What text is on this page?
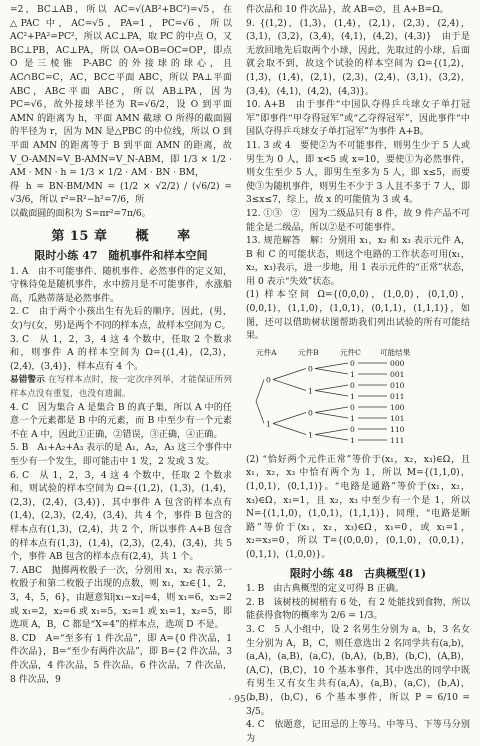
=2，BC⊥AB，所以 AC=√(AB²+BC²)=√5，在△PAC 中，AC=√5，PA=1，PC=√6，所以 AC²+PA²=PC²，所以 AC⊥PA，取 PC 的中点 O，又 BC⊥PB，AC⊥PA，所以 OA=OB=OC=OP，即点 O 是三棱锥 P-ABC 的外接球的球心，且 AC∩BC=C，AC，BC⊂平面 ABC，所以 PA⊥平面 ABC，AB⊂平面 ABC，所以 AB⊥PA，因为 PC=√6，故外接球半径为 R=√6/2，设 O 到平面 AMN 的距离为 h，平面 AMN 截球 O 所得的截面圆的半径为 r，因为 MN 是△PBC 的中位线，所以 O 到平面 AMN 的距离等于 B 到平面 AMN 的距离，故 V_O-AMN=V_B-AMN=V_N-ABM，即 1/3 × 1/2 · AM · MN · h = 1/3 × 1/2 · AM · BN · BM，

得 h = BN·BM/MN = (1/2 × √2/2) / (√6/2) = √3/6，所以 r²=R²−h²=7/6，所

以截面圆的面积为 S=πr²=7π/6。

第 15 章 概 率
限时小练 47　随机事件和样本空间

1. A　由不可能事件、随机事件、必然事件的定义知，守株待兔是随机事件，水中捞月是不可能事件，水涨船高，瓜熟蒂落是必然事件。

2. C　由于两个小孩出生有先后的顺序，因此，(男，女)与(女，男)是两个不同的样本点，故样本空间为 C。

3. C　从 1，2，3，4 这 4 个数中，任取 2 个数求和，则事件 A 的样本空间为 Ω={(1,4)，(2,3)，(2,4)，(3,4)}，样本点有 4 个。

易错警示 在写样本点时，按一定次序列举，才能保证所列样本点没有重复，也没有遗漏。

4. C　因为集合 A 是集合 B 的真子集，所以 A 中的任意一个元素都是 B 中的元素，而 B 中至少有一个元素不在 A 中，因此①正确，②错误，③正确，④正确。

5. B　A₁+A₂+A₃ 表示的是 A₁，A₂，A₃ 这三个事件中至少有一个发生，即可能击中 1 发，2 发或 3 发。

6. C　从 1，2，3，4 这 4 个数中，任取 2 个数求和，则试验的样本空间为 Ω={(1,2)，(1,3)，(1,4)，(2,3)，(2,4)，(3,4)}，其中事件 A 包含的样本点有(1,4)，(2,3)，(2,4)，(3,4)，共 4 个，事件 B 包含的样本点有(1,3)，(2,4)，共 2 个，所以事件 A+B 包含的样本点有(1,3)，(1,4)，(2,3)，(2,4)，(3,4)，共 5 个，事件 AB 包含的样本点有(2,4)，共 1 个。

7. ABC　抛掷两枚骰子一次，分别用 x₁，x₂ 表示第一枚骰子和第二枚骰子出现的点数，则 x₁，x₂∈{1，2，3，4，5，6}，由题意知|x₁−x₂|=4，则 x₁=6，x₂=2 或 x₁=2，x₂=6 或 x₁=5，x₂=1 或 x₁=1，x₂=5，即选项 A，B，C 都是“X=4”的样本点，选项 D 不是。

8. CD　A=“至多有 1 件次品”，即 A={0 件次品，1 件次品}，B=“至少有两件次品”，即 B={2 件次品，3 件次品，4 件次品，5 件次品，6 件次品，7 件次品，8 件次品，9

件次品和 10 件次品}，故 AB=∅，且 A+B=Ω。

9. {(1,2)，(1,3)，(1,4)，(2,1)，(2,3)，(2,4)，(3,1)，(3,2)，(3,4)，(4,1)，(4,2)，(4,3)}　由于是无放回地先后取两个小球，因此，先取过的小球，后面就会取不到，故这个试验的样本空间为 Ω={(1,2)，(1,3)，(1,4)，(2,1)，(2,3)，(2,4)，(3,1)，(3,2)，(3,4)，(4,1)，(4,2)，(4,3)}。

10. A+B　由于事件“中国队夺得乒乓球女子单打冠军”即事件“甲夺得冠军”或“乙夺得冠军”，因此事件“中国队夺得乒乓球女子单打冠军”为事件 A+B。

11. 3 或 4　要使②为不可能事件，则男生少于 5 人或男生为 0 人，即 x<5 或 x=10，要使①为必然事件，则女生至少 5 人，即男生至多为 5 人，即 x≤5，而要使③为随机事件，则男生不少于 3 人且不多于 7 人，即 3≤x≤7，综上，故 x 的可能值为 3 或 4。

12. ①③　②　因为二级品只有 8 件，故 9 件产品不可能全是二级品，所以②是不可能事件。

13. 规范解答　解：分别用 x₁，x₂ 和 x₃ 表示元件 A，B 和 C 的可能状态，则这个电路的工作状态可用(x₁，x₂，x₃)表示，进一步地，用 1 表示元件的“正常”状态，用 0 表示“失效”状态。

(1) 样本空间 Ω={(0,0,0)，(1,0,0)，(0,1,0)，(0,0,1)，(1,1,0)，(1,0,1)，(0,1,1)，(1,1,1)}，如图，还可以借助树状图帮助我们列出试验的所有可能结果。

元件A	元件B	元件C	可能结果
0
1
0
1
0
1
0	000
1	001
0	010
1	011
0	100
1	101
0	110
1	111

(2) “恰好两个元件正常”等价于(x₁，x₂，x₃)∈Ω，且 x₁，x₂，x₃ 中恰有两个为 1，所以 M={(1,1,0)，(1,0,1)，(0,1,1)}。“电路是通路”等价于(x₁，x₂，x₃)∈Ω，x₁=1，且 x₂，x₃ 中至少有一个是 1，所以 N={(1,1,0)，(1,0,1)，(1,1,1)}，同理，“电路是断路”等价于(x₁，x₂，x₃)∈Ω，x₁=0，或 x₁=1，x₂=x₃=0，所以 T={(0,0,0)，(0,1,0)，(0,0,1)，(0,1,1)，(1,0,0)}。

限时小练 48　古典概型(1)

1. B　由古典概型的定义可得 B 正确。

2. B　该树枝的树梢有 6 处，有 2 处能找到食物，所以能获得食物的概率为 2/6 = 1/3。

3. C　5 人小组中，设 2 名男生分别为 a，b，3 名女生分别为 A，B，C，则任意选出 2 名同学共有(a,b)，(a,A)，(a,B)，(a,C)，(b,A)，(b,B)，(b,C)，(A,B)，(A,C)，(B,C)，10 个基本事件，其中选出的同学中既有男生又有女生共有(a,A)，(a,B)，(a,C)，(b,A)，(b,B)，(b,C)，6 个基本事件，所以 P = 6/10 = 3/5。

4. C　依题意，记田忌的上等马、中等马、下等马分别为

· 95 ·
